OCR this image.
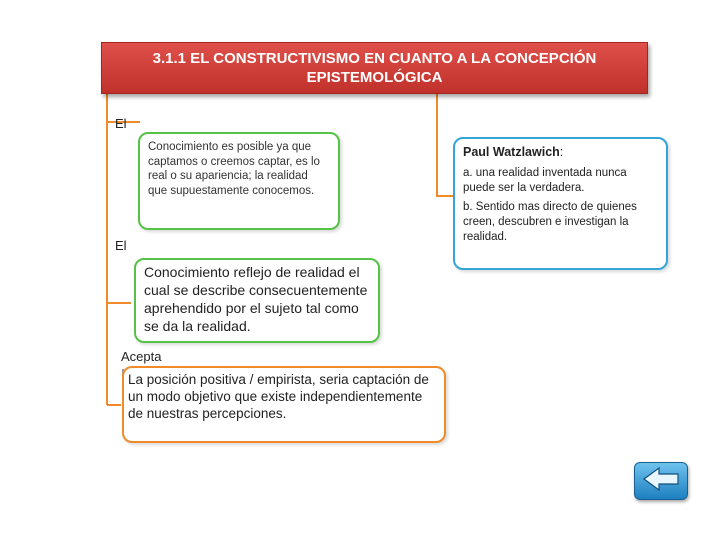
3.1.1 EL CONSTRUCTIVISMO EN CUANTO A LA CONCEPCIÓN EPISTEMOLÓGICA
El
El
Acepta
Conocimiento es posible ya que captamos o creemos captar, es lo real o su apariencia; la realidad que supuestamente conocemos.
Conocimiento reflejo de realidad el cual se describe consecuentemente aprehendido por el sujeto tal como se da la realidad.
La posición positiva / empirista, seria captación de un modo objetivo que existe independientemente de nuestras percepciones.
Paul Watzlawich:
a. una realidad inventada nunca puede ser la verdadera.
b. Sentido mas directo de quienes creen, descubren e investigan la realidad.
